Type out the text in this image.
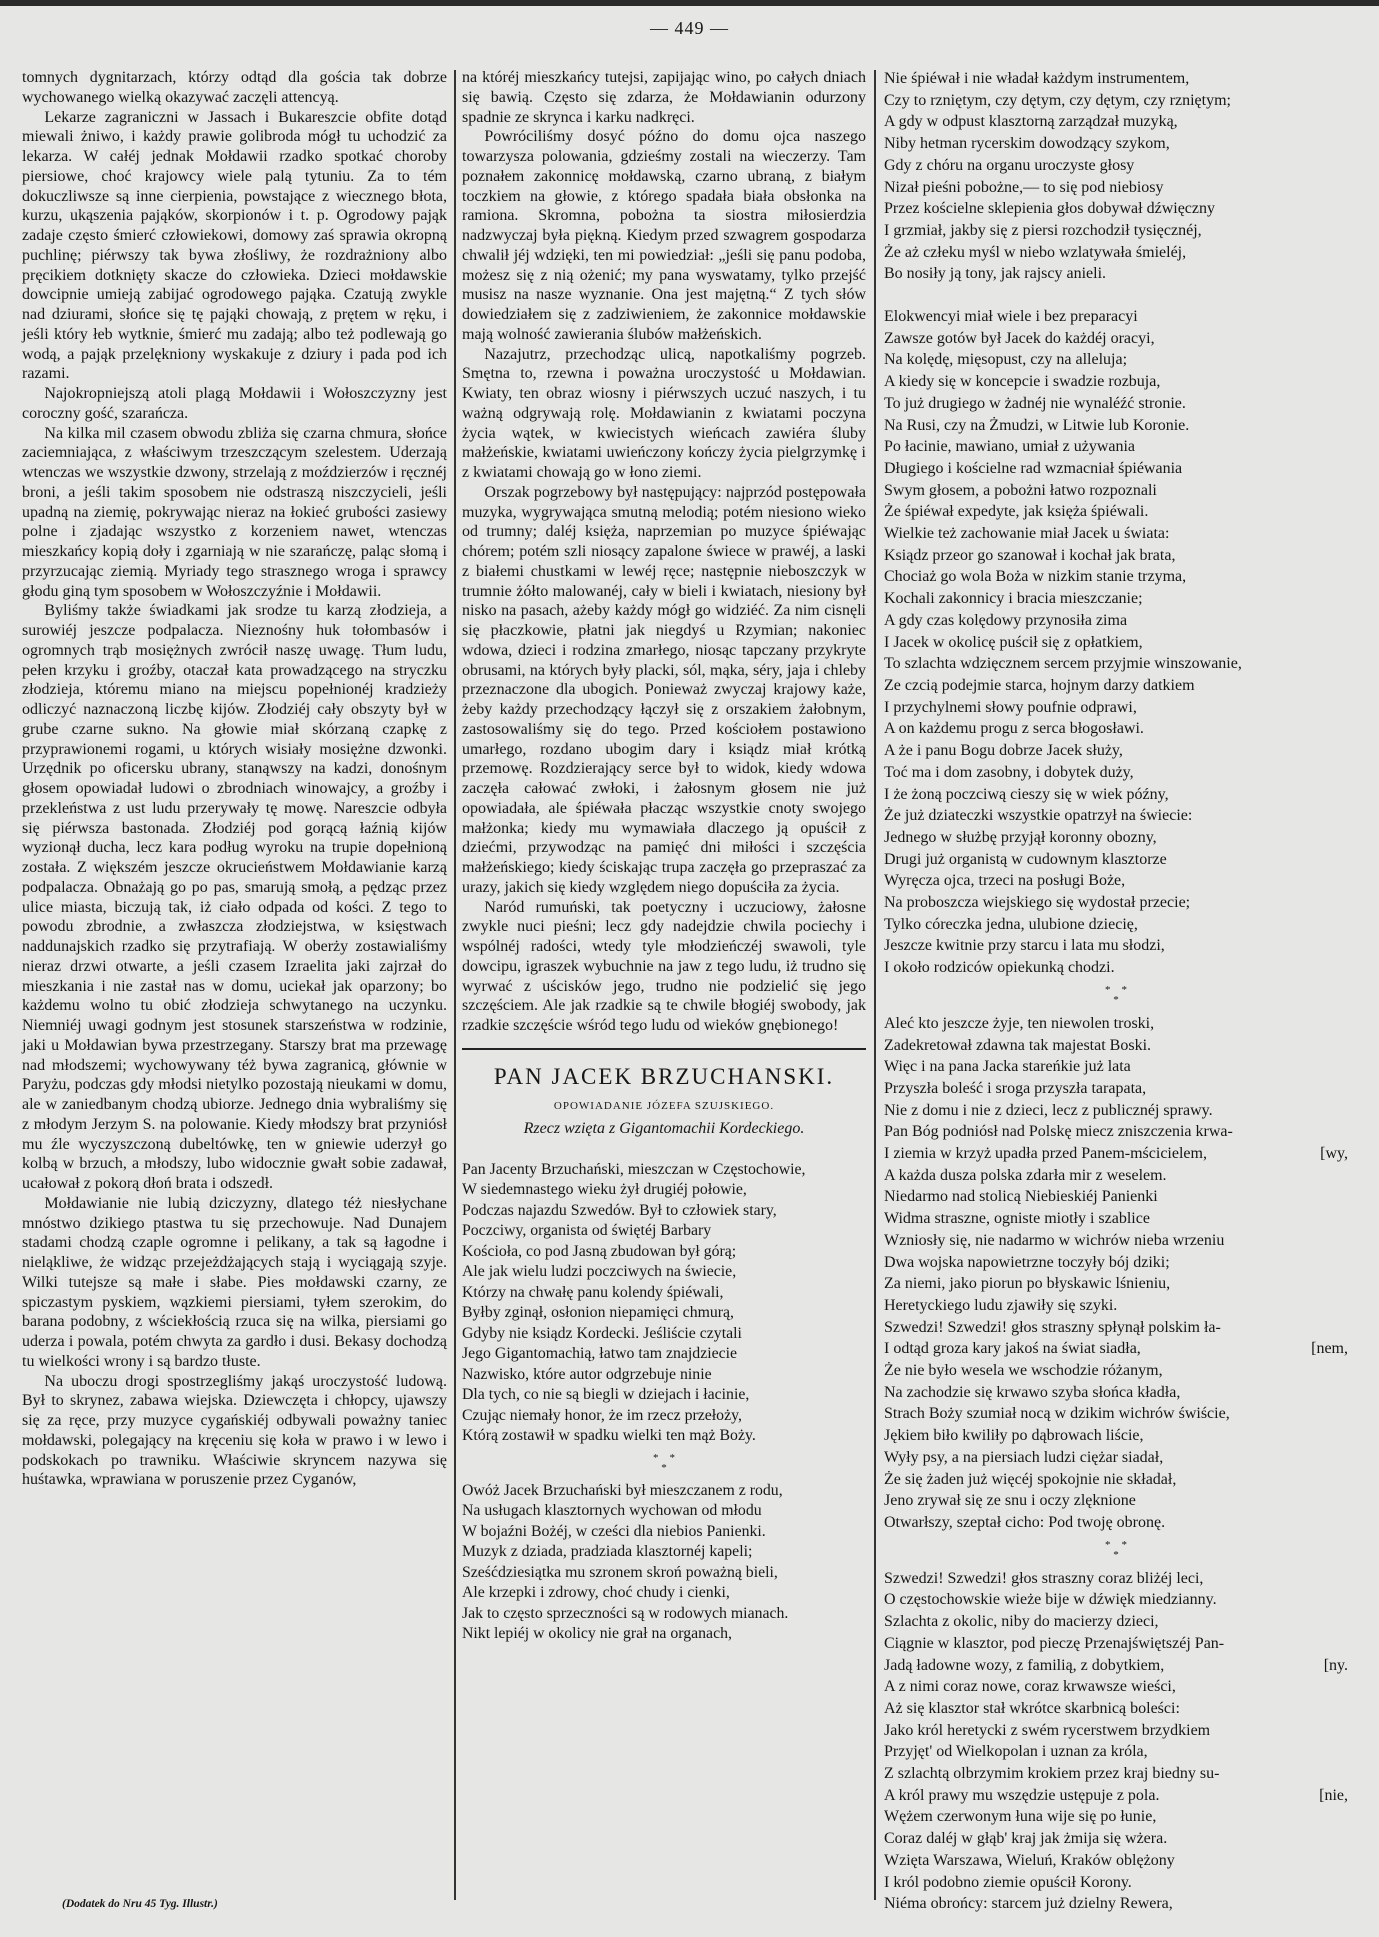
— 449 —

tomnych dygnitarzach, którzy odtąd dla gościa tak dobrze wychowanego wielką okazywać zaczęli attencyą.

Lekarze zagraniczni w Jassach i Bukareszcie obfite dotąd miewali żniwo, i każdy prawie golibroda mógł tu uchodzić za lekarza. W całéj jednak Mołdawii rzadko spotkać choroby piersiowe, choć krajowcy wiele palą tytuniu. Za to tém dokuczliwsze są inne cierpienia, powstające z wiecznego błota, kurzu, ukąszenia pająków, skorpionów i t. p. Ogrodowy pająk zadaje często śmierć człowiekowi, domowy zaś sprawia okropną puchlinę; piérwszy tak bywa złośliwy, że rozdrażniony albo pręcikiem dotknięty skacze do człowieka. Dzieci mołdawskie dowcipnie umieją zabijać ogrodowego pająka. Czatują zwykle nad dziurami, słońce się tę pająki chowają, z prętem w ręku, i jeśli który łeb wytknie, śmierć mu zadają; albo też podlewają go wodą, a pająk przelękniony wyskakuje z dziury i pada pod ich razami.

Najokropniejszą atoli plagą Mołdawii i Wołoszczyzny jest coroczny gość, szarańcza.

Na kilka mil czasem obwodu zbliża się czarna chmura, słońce zaciemniająca, z właściwym trzeszczącym szelestem. Uderzają wtenczas we wszystkie dzwony, strzelają z moździerzów i ręcznéj broni, a jeśli takim sposobem nie odstraszą niszczycieli, jeśli upadną na ziemię, pokrywając nieraz na łokieć grubości zasiewy polne i zjadając wszystko z korzeniem nawet, wtenczas mieszkańcy kopią doły i zgarniają w nie szarańczę, paląc słomą i przyrzucając ziemią. Myriady tego strasznego wroga i sprawcy głodu giną tym sposobem w Wołoszczyźnie i Mołdawii.

Byliśmy także świadkami jak srodze tu karzą złodzieja, a surowiéj jeszcze podpalacza. Nieznośny huk tołombasów i ogromnych trąb mosiężnych zwrócił naszę uwagę. Tłum ludu, pełen krzyku i groźby, otaczał kata prowadzącego na stryczku złodzieja, któremu miano na miejscu popełnionéj kradzieży odliczyć naznaczoną liczbę kijów. Złodziéj cały obszyty był w grube czarne sukno. Na głowie miał skórzaną czapkę z przyprawionemi rogami, u których wisiały mosiężne dzwonki. Urzędnik po oficersku ubrany, stanąwszy na kadzi, donośnym głosem opowiadał ludowi o zbrodniach winowajcy, a groźby i przekleństwa z ust ludu przerywały tę mowę. Nareszcie odbyła się piérwsza bastonada. Złodziéj pod gorącą łaźnią kijów wyzionął ducha, lecz kara podług wyroku na trupie dopełnioną została. Z większém jeszcze okrucieństwem Mołdawianie karzą podpalacza. Obnażają go po pas, smarują smołą, a pędząc przez ulice miasta, biczują tak, iż ciało odpada od kości. Z tego to powodu zbrodnie, a zwłaszcza złodziejstwa, w księstwach naddunajskich rzadko się przytrafiają. W oberży zostawialiśmy nieraz drzwi otwarte, a jeśli czasem Izraelita jaki zajrzał do mieszkania i nie zastał nas w domu, uciekał jak oparzony; bo każdemu wolno tu obić złodzieja schwytanego na uczynku. Niemniéj uwagi godnym jest stosunek starszeństwa w rodzinie, jaki u Mołdawian bywa przestrzegany. Starszy brat ma przewagę nad młodszemi; wychowywany téż bywa zagranicą, głównie w Paryżu, podczas gdy młodsi nietylko pozostają nieukami w domu, ale w zaniedbanym chodzą ubiorze. Jednego dnia wybraliśmy się z młodym Jerzym S. na polowanie. Kiedy młodszy brat przyniósł mu źle wyczyszczoną dubeltówkę, ten w gniewie uderzył go kolbą w brzuch, a młodszy, lubo widocznie gwałt sobie zadawał, ucałował z pokorą dłoń brata i odszedł.

Mołdawianie nie lubią dziczyzny, dlatego téż niesłychane mnóstwo dzikiego ptastwa tu się przechowuje. Nad Dunajem stadami chodzą czaple ogromne i pelikany, a tak są łagodne i nieląkliwe, że widząc przejeżdżających stają i wyciągają szyje. Wilki tutejsze są małe i słabe. Pies mołdawski czarny, ze spiczastym pyskiem, wązkiemi piersiami, tyłem szerokim, do barana podobny, z wściekłością rzuca się na wilka, piersiami go uderza i powala, potém chwyta za gardło i dusi. Bekasy dochodzą tu wielkości wrony i są bardzo tłuste.

Na uboczu drogi spostrzegliśmy jakąś uroczystość ludową. Był to skrynez, zabawa wiejska. Dziewczęta i chłopcy, ujawszy się za ręce, przy muzyce cygańskiéj odbywali poważny taniec mołdawski, polegający na kręceniu się koła w prawo i w lewo i podskokach po trawniku. Właściwie skryncem nazywa się huśtawka, wprawiana w poruszenie przez Cyganów,

(Dodatek do Nru 45 Tyg. Illustr.)

na któréj mieszkańcy tutejsi, zapijając wino, po całych dniach się bawią. Często się zdarza, że Mołdawianin odurzony spadnie ze skrynca i karku nadkręci.

Powróciliśmy dosyć późno do domu ojca naszego towarzysza polowania, gdzieśmy zostali na wieczerzy. Tam poznałem zakonnicę mołdawską, czarno ubraną, z białym toczkiem na głowie, z którego spadała biała obsłonka na ramiona. Skromna, pobożna ta siostra miłosierdzia nadzwyczaj była piękną. Kiedym przed szwagrem gospodarza chwalił jéj wdzięki, ten mi powiedział: „jeśli się panu podoba, możesz się z nią ożenić; my pana wyswatamy, tylko przejść musisz na nasze wyznanie. Ona jest majętną.“ Z tych słów dowiedziałem się z zadziwieniem, że zakonnice mołdawskie mają wolność zawierania ślubów małżeńskich.

Nazajutrz, przechodząc ulicą, napotkaliśmy pogrzeb. Smętna to, rzewna i poważna uroczystość u Mołdawian. Kwiaty, ten obraz wiosny i piérwszych uczuć naszych, i tu ważną odgrywają rolę. Mołdawianin z kwiatami poczyna życia wątek, w kwiecistych wieńcach zawiéra śluby małżeńskie, kwiatami uwieńczony kończy życia pielgrzymkę i z kwiatami chowają go w łono ziemi.

Orszak pogrzebowy był następujący: najprzód postępowała muzyka, wygrywająca smutną melodią; potém niesiono wieko od trumny; daléj księża, naprzemian po muzyce śpiéwając chórem; potém szli niosący zapalone świece w prawéj, a laski z białemi chustkami w lewéj ręce; następnie nieboszczyk w trumnie żółto malowanéj, cały w bieli i kwiatach, niesiony był nisko na pasach, ażeby każdy mógł go widziéć. Za nim cisnęli się płaczkowie, płatni jak niegdyś u Rzymian; nakoniec wdowa, dzieci i rodzina zmarłego, niosąc tapczany przykryte obrusami, na których były placki, sól, mąka, séry, jaja i chleby przeznaczone dla ubogich. Ponieważ zwyczaj krajowy każe, żeby każdy przechodzący łączył się z orszakiem żałobnym, zastosowaliśmy się do tego. Przed kościołem postawiono umarłego, rozdano ubogim dary i ksiądz miał krótką przemowę. Rozdzierający serce był to widok, kiedy wdowa zaczęła całować zwłoki, i żałosnym głosem nie już opowiadała, ale śpiéwała płacząc wszystkie cnoty swojego małżonka; kiedy mu wymawiała dlaczego ją opuścił z dziećmi, przywodząc na pamięć dni miłości i szczęścia małżeńskiego; kiedy ściskając trupa zaczęła go przepraszać za urazy, jakich się kiedy względem niego dopuściła za życia.

Naród rumuński, tak poetyczny i uczuciowy, żałosne zwykle nuci pieśni; lecz gdy nadejdzie chwila pociechy i wspólnéj radości, wtedy tyle młodzieńczéj swawoli, tyle dowcipu, igraszek wybuchnie na jaw z tego ludu, iż trudno się wyrwać z uścisków jego, trudno nie podzielić się jego szczęściem. Ale jak rzadkie są te chwile błogiéj swobody, jak rzadkie szczęście wśród tego ludu od wieków gnębionego!

PAN JACEK BRZUCHANSKI.
OPOWIADANIE JÓZEFA SZUJSKIEGO.
Rzecz wzięta z Gigantomachii Kordeckiego.
Pan Jacenty Brzuchański, mieszczan w Częstochowie,
W siedemnastego wieku żył drugiéj połowie,
Podczas najazdu Szwedów. Był to człowiek stary,
Poczciwy, organista od świętéj Barbary
Kościoła, co pod Jasną zbudowan był górą;
Ale jak wielu ludzi poczciwych na świecie,
Którzy na chwałę panu kolendy śpiéwali,
Byłby zginął, osłonion niepamięci chmurą,
Gdyby nie ksiądz Kordecki. Jeśliście czytali
Jego Gigantomachią, łatwo tam znajdziecie
Nazwisko, które autor odgrzebuje ninie
Dla tych, co nie są biegli w dziejach i łacinie,
Czując niemały honor, że im rzecz przełoży,
Którą zostawił w spadku wielki ten mąż Boży.
* *
*
Owóż Jacek Brzuchański był mieszczanem z rodu,
Na usługach klasztornych wychowan od młodu
W bojaźni Bożéj, w cześci dla niebios Panienki.
Muzyk z dziada, pradziada klasztornéj kapeli;
Sześćdziesiątka mu szronem skroń poważną bieli,
Ale krzepki i zdrowy, choć chudy i cienki,
Jak to często sprzeczności są w rodowych mianach.
Nikt lepiéj w okolicy nie grał na organach,
Nie śpiéwał i nie władał każdym instrumentem,
Czy to rzniętym, czy dętym, czy dętym, czy rzniętym;
A gdy w odpust klasztorną zarządzał muzyką,
Niby hetman rycerskim dowodzący szykom,
Gdy z chóru na organu uroczyste głosy
Nizał pieśni pobożne,— to się pod niebiosy
Przez kościelne sklepienia głos dobywał dźwięczny
I grzmiał, jakby się z piersi rozchodził tysięcznéj,
Że aż człeku myśl w niebo wzlatywała śmieléj,
Bo nosiły ją tony, jak rajscy anieli.
Elokwencyi miał wiele i bez preparacyi
Zawsze gotów był Jacek do każdéj oracyi,
Na kolędę, mięsopust, czy na alleluja;
A kiedy się w koncepcie i swadzie rozbuja,
To już drugiego w żadnéj nie wynaléźć stronie.
Na Rusi, czy na Żmudzi, w Litwie lub Koronie.
Po łacinie, mawiano, umiał z używania
Długiego i kościelne rad wzmacniał śpiéwania
Swym głosem, a pobożni łatwo rozpoznali
Że śpiéwał expedyte, jak księża śpiéwali.
Wielkie też zachowanie miał Jacek u świata:
Ksiądz przeor go szanował i kochał jak brata,
Chociaż go wola Boża w nizkim stanie trzyma,
Kochali zakonnicy i bracia mieszczanie;
A gdy czas kolędowy przynosiła zima
I Jacek w okolicę puścił się z opłatkiem,
To szlachta wdzięcznem sercem przyjmie winszowanie,
Ze czcią podejmie starca, hojnym darzy datkiem
I przychylnemi słowy poufnie odprawi,
A on każdemu progu z serca błogosławi.
A że i panu Bogu dobrze Jacek służy,
Toć ma i dom zasobny, i dobytek duży,
I że żoną poczciwą cieszy się w wiek późny,
Że już dziateczki wszystkie opatrzył na świecie:
Jednego w służbę przyjął koronny obozny,
Drugi już organistą w cudownym klasztorze
Wyręcza ojca, trzeci na posługi Boże,
Na proboszcza wiejskiego się wydostał przecie;
Tylko córeczka jedna, ulubione dziecię,
Jeszcze kwitnie przy starcu i lata mu słodzi,
I około rodziców opiekunką chodzi.
* *
*
Aleć kto jeszcze żyje, ten niewolen troski,
Zadekretował zdawna tak majestat Boski.
Więc i na pana Jacka stareńkie już lata
Przyszła boleść i sroga przyszła tarapata,
Nie z domu i nie z dzieci, lecz z publicznéj sprawy.
Pan Bóg podniósł nad Polskę miecz zniszczenia krwa-
[wy,
I ziemia w krzyż upadła przed Panem-mścicielem,
A każda dusza polska zdarła mir z weselem.
Niedarmo nad stolicą Niebieskiéj Panienki
Widma straszne, ogniste miotły i szablice
Wzniosły się, nie nadarmo w wichrów nieba wrzeniu
Dwa wojska napowietrzne toczyły bój dziki;
Za niemi, jako piorun po błyskawic lśnieniu,
Heretyckiego ludu zjawiły się szyki.
Szwedzi! Szwedzi! głos straszny spłynął polskim ła-
I odtąd groza kary jakoś na świat siadła,	[nem,
Że nie było wesela we wschodzie różanym,
Na zachodzie się krwawo szyba słońca kładła,
Strach Boży szumiał nocą w dzikim wichrów świście,
Jękiem biło kwiliły po dąbrowach liście,
Wyły psy, a na piersiach ludzi ciężar siadał,
Że się żaden już więcéj spokojnie nie składał,
Jeno zrywał się ze snu i oczy zlęknione
Otwarłszy, szeptał cicho: Pod twoję obronę.
* *
*
Szwedzi! Szwedzi! głos straszny coraz bliżéj leci,
O częstochowskie wieże bije w dźwięk miedzianny.
Szlachta z okolic, niby do macierzy dzieci,
Ciągnie w klasztor, pod pieczę Przenajświętszéj Pan-
Jadą ładowne wozy, z familią, z dobytkiem,	[ny.
A z nimi coraz nowe, coraz krwawsze wieści,
Aż się klasztor stał wkrótce skarbnicą boleści:
Jako król heretycki z swém rycerstwem brzydkiem
Przyjęt' od Wielkopolan i uznan za króla,
Z szlachtą olbrzymim krokiem przez kraj biedny su-
A król prawy mu wszędzie ustępuje z pola.	[nie,
Wężem czerwonym łuna wije się po łunie,
Coraz daléj w głąb' kraj jak żmija się wżera.
Wzięta Warszawa, Wieluń, Kraków oblężony
I król podobno ziemie opuścił Korony.
Niéma obrońcy: starcem już dzielny Rewera,
